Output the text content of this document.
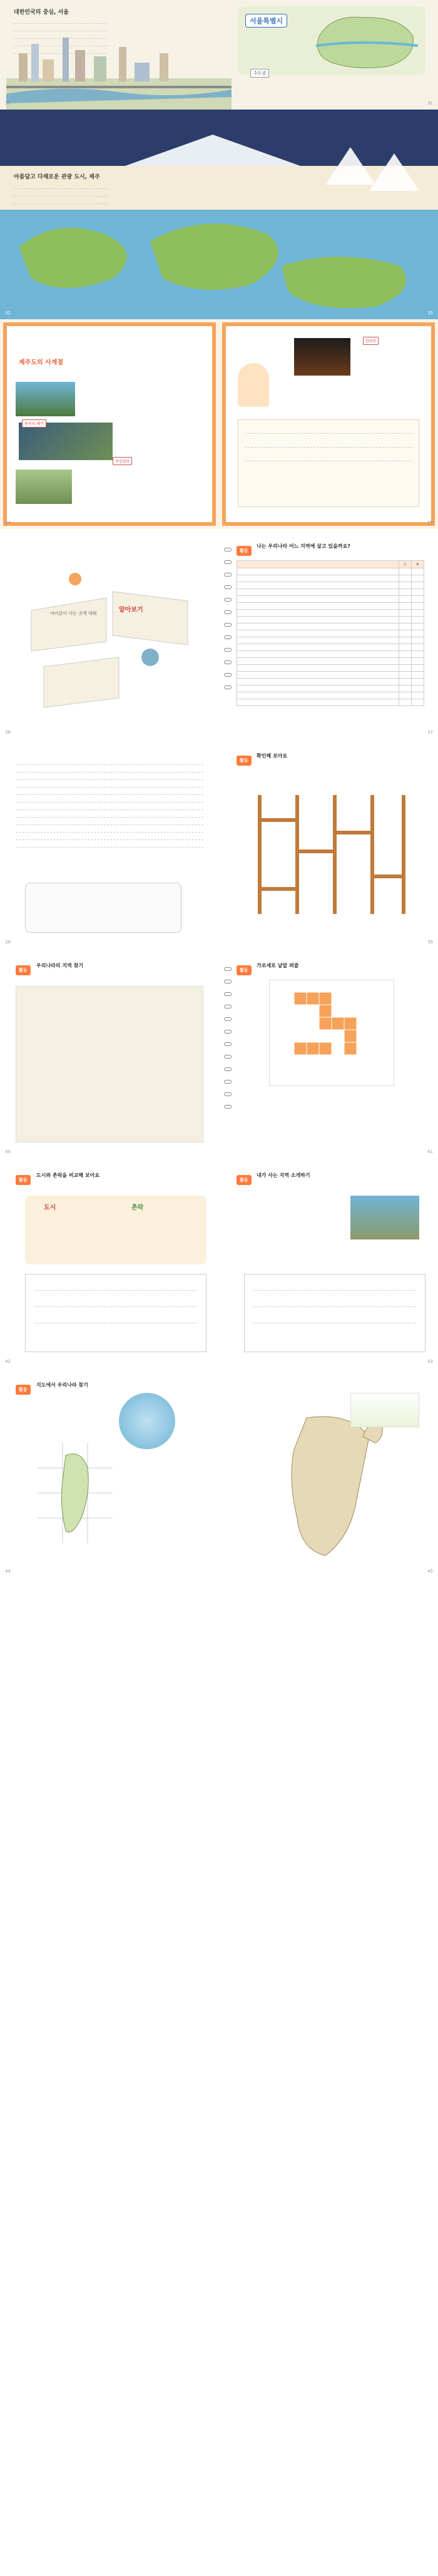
대한민국의 중심, 서울
서울특별시
수도권
30	31
아름답고 다채로운 관광 도시, 제주
32	33
제주도의 사계절
용머리 해안
주상절리
한라산
34	35
여러분이 사는 곳에 대해	알아보기
활동
나는 우리나라 어느 지역에 살고 있을까요?
	○	×

36	37
활동
확인해 보아요
38	39
활동
우리나라의 지역 찾기
활동
가로세로 낱말 퍼즐
40	41
활동
도시와 촌락을 비교해 보아요
도시	촌락
활동
내가 사는 지역 소개하기
42	43
활동
지도에서 우리나라 찾기
44	45
